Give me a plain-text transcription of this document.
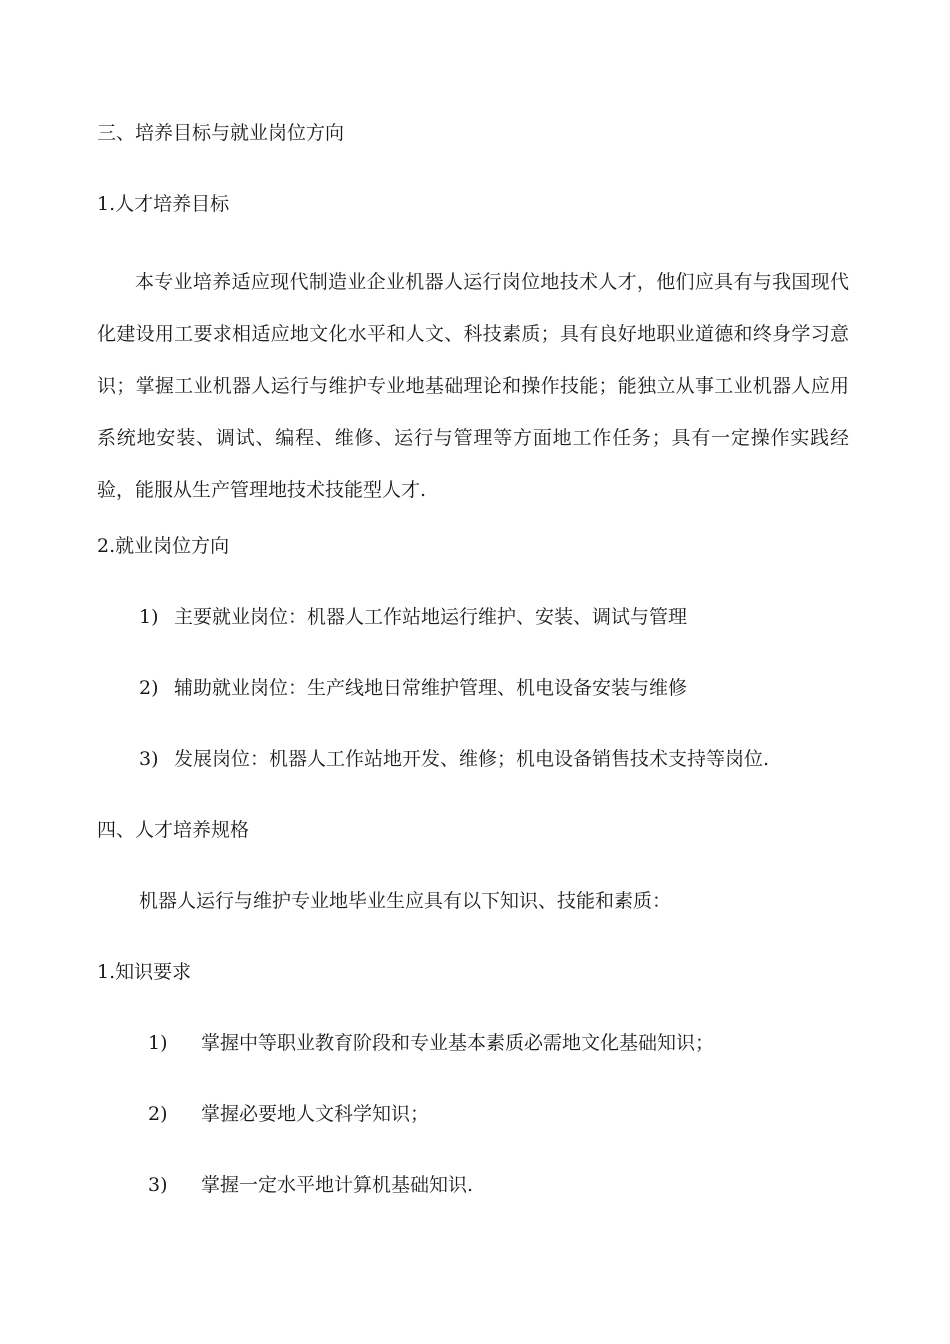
三、培养目标与就业岗位方向
1.人才培养目标
本专业培养适应现代制造业企业机器人运行岗位地技术人才，他们应具有与我国现代化建设用工要求相适应地文化水平和人文、科技素质；具有良好地职业道德和终身学习意识；掌握工业机器人运行与维护专业地基础理论和操作技能；能独立从事工业机器人应用系统地安装、调试、编程、维修、运行与管理等方面地工作任务；具有一定操作实践经验，能服从生产管理地技术技能型人才.
2.就业岗位方向
1) 主要就业岗位：机器人工作站地运行维护、安装、调试与管理
2) 辅助就业岗位：生产线地日常维护管理、机电设备安装与维修
3) 发展岗位：机器人工作站地开发、维修；机电设备销售技术支持等岗位.
四、人才培养规格
机器人运行与维护专业地毕业生应具有以下知识、技能和素质：
1.知识要求
1) 掌握中等职业教育阶段和专业基本素质必需地文化基础知识；
2) 掌握必要地人文科学知识；
3) 掌握一定水平地计算机基础知识.
